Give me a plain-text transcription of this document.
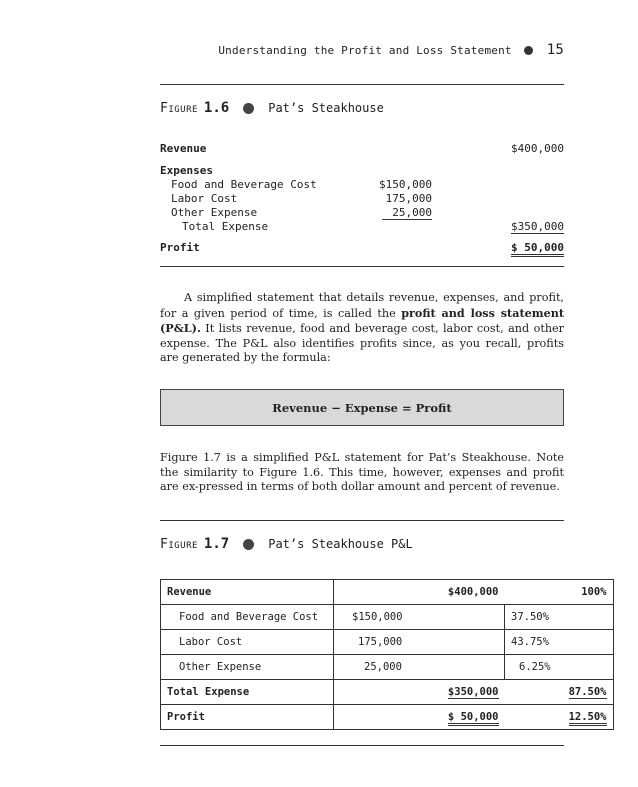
Understanding the Profit and Loss Statement	15
Figure 1.6	Pat’s Steakhouse
Revenue	$400,000
Expenses
Food and Beverage Cost	$150,000
Labor Cost	175,000
Other Expense	25,000
Total Expense	$350,000
Profit	$ 50,000
A simplified statement that details revenue, expenses, and profit, for a given period of time, is called the profit and loss statement (P&L). It lists revenue, food and beverage cost, labor cost, and other expense. The P&L also identifies profits since, as you recall, profits are generated by the formula:
Revenue − Expense = Profit
Figure 1.7 is a simplified P&L statement for Pat’s Steakhouse. Note the similarity to Figure 1.6. This time, however, expenses and profit are ex-pressed in terms of both dollar amount and percent of revenue.
Figure 1.7	Pat’s Steakhouse P&L
Revenue	$400,000	100%
Food and Beverage Cost	$150,000	37.50%
Labor Cost	175,000	43.75%
Other Expense	25,000	6.25%
Total Expense	$350,000	87.50%
Profit	$ 50,000	12.50%
